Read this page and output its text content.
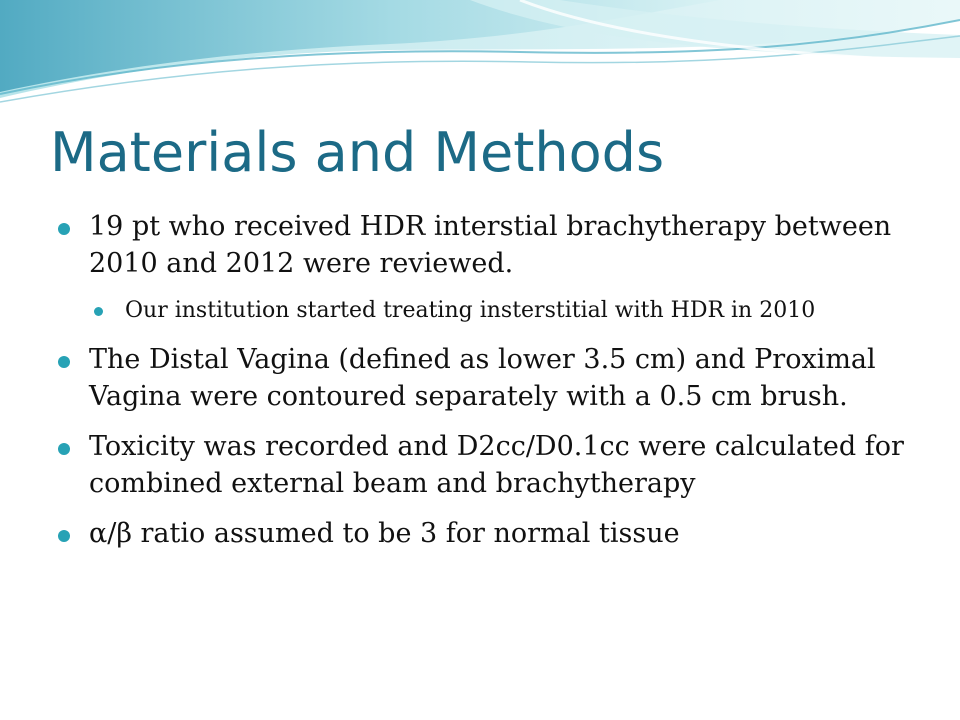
Materials and Methods
19 pt who received HDR interstial brachytherapy between 2010 and 2012 were reviewed.
Our institution started treating insterstitial with HDR in 2010
The Distal Vagina (defined as lower 3.5 cm) and Proximal Vagina were contoured separately with a 0.5 cm brush.
Toxicity was recorded and D2cc/D0.1cc were calculated for combined external beam and brachytherapy
α/β ratio assumed to be 3 for normal tissue
